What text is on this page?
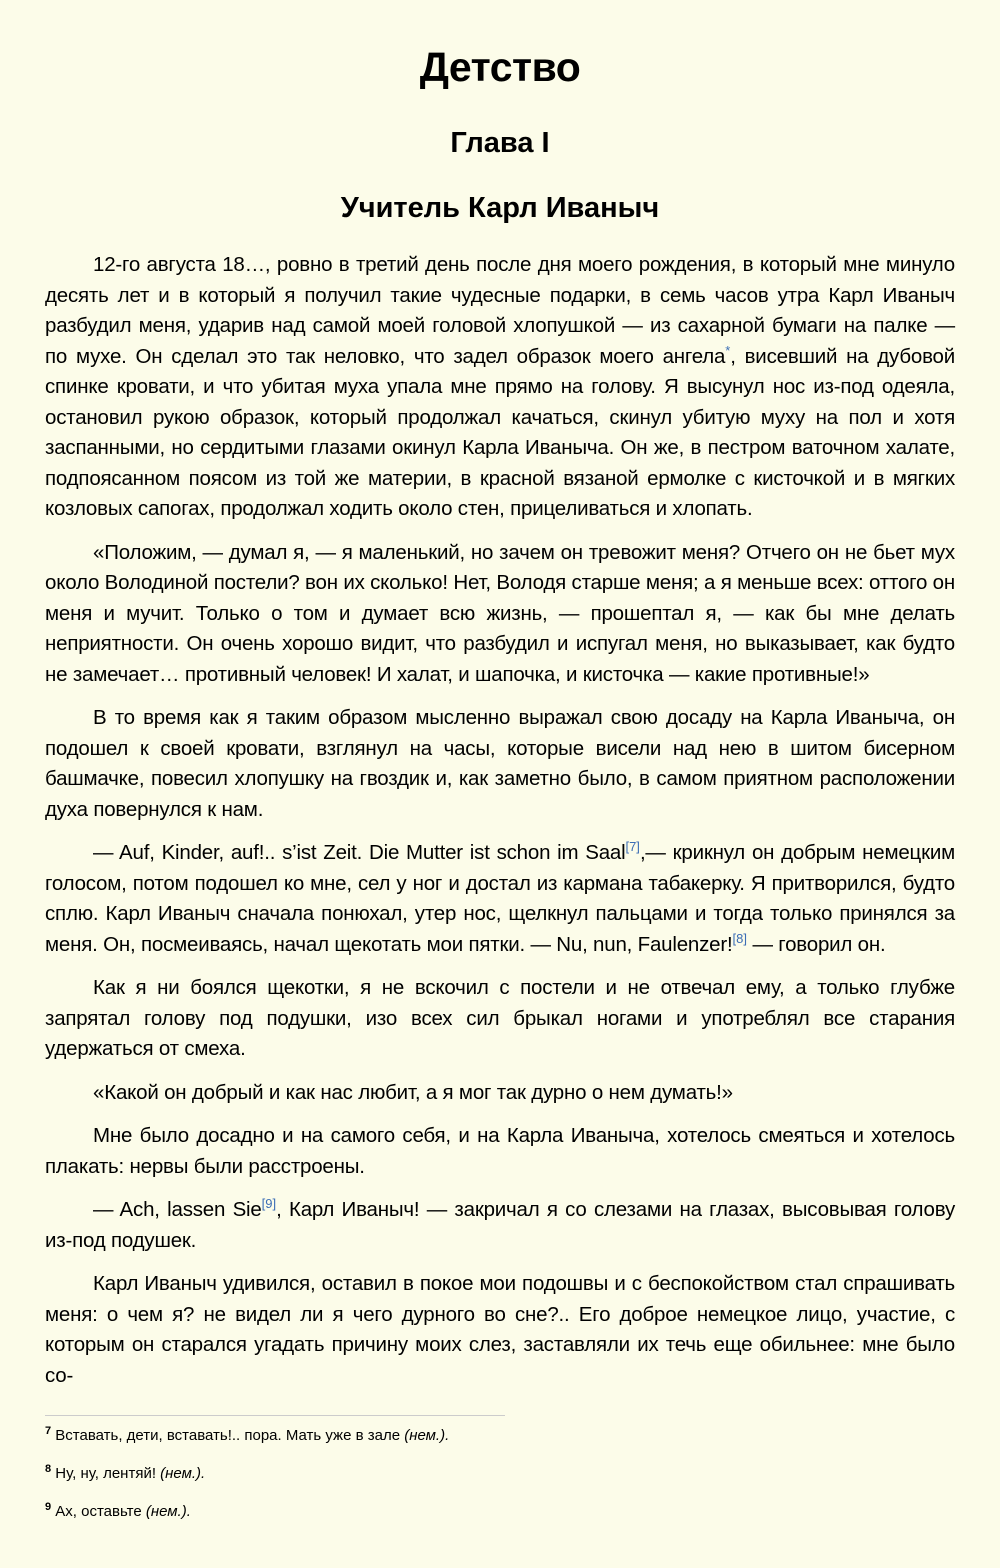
Детство
Глава I
Учитель Карл Иваныч

12-го августа 18…, ровно в третий день после дня моего рождения, в который мне минуло десять лет и в который я получил такие чудесные подарки, в семь часов утра Карл Иваныч разбудил меня, ударив над самой моей головой хлопушкой — из сахарной бумаги на палке — по мухе. Он сделал это так неловко, что задел образок моего ангела*, висевший на дубовой спинке кровати, и что убитая муха упала мне прямо на голову. Я высунул нос из-под одеяла, остановил рукою образок, который продолжал качаться, скинул убитую муху на пол и хотя заспанными, но сердитыми глазами окинул Карла Иваныча. Он же, в пестром ваточном халате, подпоясанном поясом из той же материи, в красной вязаной ермолке с кисточкой и в мягких козловых сапогах, продолжал ходить около стен, прицеливаться и хлопать.

«Положим, — думал я, — я маленький, но зачем он тревожит меня? Отчего он не бьет мух около Володиной постели? вон их сколько! Нет, Володя старше меня; а я меньше всех: оттого он меня и мучит. Только о том и думает всю жизнь, — прошептал я, — как бы мне делать неприятности. Он очень хорошо видит, что разбудил и испугал меня, но выказывает, как будто не замечает… противный человек! И халат, и шапочка, и кисточка — какие противные!»

В то время как я таким образом мысленно выражал свою досаду на Карла Иваныча, он подошел к своей кровати, взглянул на часы, которые висели над нею в шитом бисерном башмачке, повесил хлопушку на гвоздик и, как заметно было, в самом приятном расположении духа повернулся к нам.

— Auf, Kinder, auf!.. s’ist Zeit. Die Mutter ist schon im Saal[7],— крикнул он добрым немецким голосом, потом подошел ко мне, сел у ног и достал из кармана табакерку. Я притворился, будто сплю. Карл Иваныч сначала понюхал, утер нос, щелкнул пальцами и тогда только принялся за меня. Он, посмеиваясь, начал щекотать мои пятки. — Nu, nun, Faulenzer![8] — говорил он.

Как я ни боялся щекотки, я не вскочил с постели и не отвечал ему, а только глубже запрятал голову под подушки, изо всех сил брыкал ногами и употреблял все старания удержаться от смеха.

«Какой он добрый и как нас любит, а я мог так дурно о нем думать!»

Мне было досадно и на самого себя, и на Карла Иваныча, хотелось смеяться и хотелось плакать: нервы были расстроены.

— Ach, lassen Sie[9], Карл Иваныч! — закричал я со слезами на глазах, высовывая голову из-под подушек.

Карл Иваныч удивился, оставил в покое мои подошвы и с беспокойством стал спрашивать меня: о чем я? не видел ли я чего дурного во сне?.. Его доброе немецкое лицо, участие, с которым он старался угадать причину моих слез, заставляли их течь еще обильнее: мне было со-

$^7$ Вставать, дети, вставать!.. пора. Мать уже в зале (нем.).

$^8$ Ну, ну, лентяй! (нем.).

$^9$ Ах, оставьте (нем.).
